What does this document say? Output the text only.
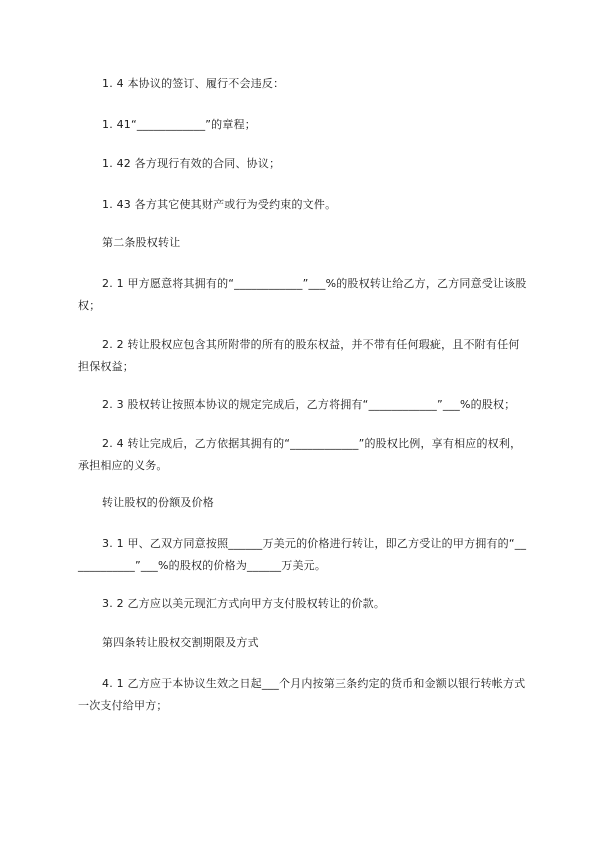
1. 4 本协议的签订、履行不会违反：

1. 41“____________”的章程；

1. 42 各方现行有效的合同、协议；

1. 43 各方其它使其财产或行为受约束的文件。

第二条股权转让

2. 1 甲方愿意将其拥有的“____________”___%的股权转让给乙方，乙方同意受让该股权；

2. 2 转让股权应包含其所附带的所有的股东权益，并不带有任何瑕疵，且不附有任何担保权益；

2. 3 股权转让按照本协议的规定完成后，乙方将拥有“____________”___%的股权；

2. 4 转让完成后，乙方依据其拥有的“____________”的股权比例，享有相应的权利，承担相应的义务。

转让股权的份额及价格

3. 1 甲、乙双方同意按照______万美元的价格进行转让，即乙方受让的甲方拥有的“____________”___%的股权的价格为______万美元。

3. 2 乙方应以美元现汇方式向甲方支付股权转让的价款。

第四条转让股权交割期限及方式

4. 1 乙方应于本协议生效之日起___个月内按第三条约定的货币和金额以银行转帐方式一次支付给甲方；
